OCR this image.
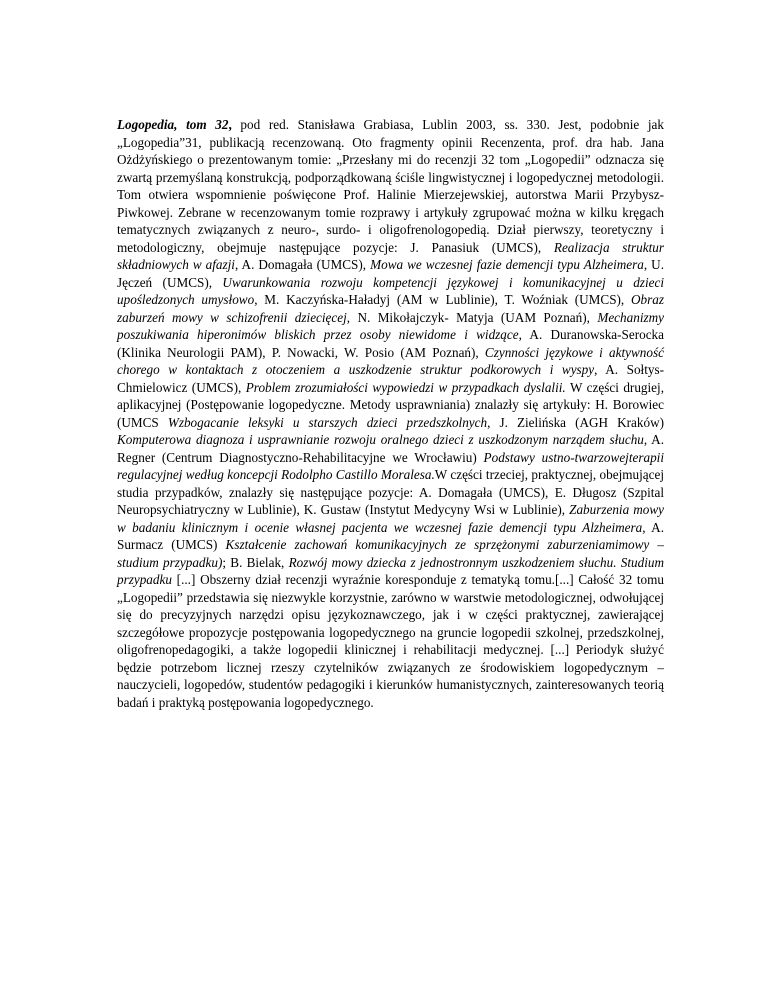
Logopedia, tom 32, pod red. Stanisława Grabiasa, Lublin 2003, ss. 330. Jest, podobnie jak „Logopedia”31, publikacją recenzowaną. Oto fragmenty opinii Recenzenta, prof. dra hab. Jana Ożdżyńskiego o prezentowanym tomie: „Przesłany mi do recenzji 32 tom „Logopedii” odznacza się zwartą przemyślaną konstrukcją, podporządkowaną ściśle lingwistycznej i logopedycznej metodologii. Tom otwiera wspomnienie poświęcone Prof. Halinie Mierzejewskiej, autorstwa Marii Przybysz-Piwkowej. Zebrane w recenzowanym tomie rozprawy i artykuły zgrupować można w kilku kręgach tematycznych związanych z neuro-, surdo- i oligofrenologopedią. Dział pierwszy, teoretyczny i metodologiczny, obejmuje następujące pozycje: J. Panasiuk (UMCS), Realizacja struktur składniowych w afazji, A. Domagała (UMCS), Mowa we wczesnej fazie demencji typu Alzheimera, U. Jęczeń (UMCS), Uwarunkowania rozwoju kompetencji językowej i komunikacyjnej u dzieci upośledzonych umysłowo, M. Kaczyńska-Haładyj (AM w Lublinie), T. Woźniak (UMCS), Obraz zaburzeń mowy w schizofrenii dziecięcej, N. Mikołajczyk- Matyja (UAM Poznań), Mechanizmy poszukiwania hiperonimów bliskich przez osoby niewidome i widzące, A. Duranowska-Serocka (Klinika Neurologii PAM), P. Nowacki, W. Posio (AM Poznań), Czynności językowe i aktywność chorego w kontaktach z otoczeniem a uszkodzenie struktur podkorowych i wyspy, A. Sołtys-Chmielowicz (UMCS), Problem zrozumiałości wypowiedzi w przypadkach dyslalii. W części drugiej, aplikacyjnej (Postępowanie logopedyczne. Metody usprawniania) znalazły się artykuły: H. Borowiec (UMCS Wzbogacanie leksyki u starszych dzieci przedszkolnych, J. Zielińska (AGH Kraków) Komputerowa diagnoza i usprawnianie rozwoju oralnego dzieci z uszkodzonym narządem słuchu, A. Regner (Centrum Diagnostyczno-Rehabilitacyjne we Wrocławiu) Podstawy ustno-twarzowejterapii regulacyjnej według koncepcji Rodolpho Castillo Moralesa.W części trzeciej, praktycznej, obejmującej studia przypadków, znalazły się następujące pozycje: A. Domagała (UMCS), E. Długosz (Szpital Neuropsychiatryczny w Lublinie), K. Gustaw (Instytut Medycyny Wsi w Lublinie), Zaburzenia mowy w badaniu klinicznym i ocenie własnej pacjenta we wczesnej fazie demencji typu Alzheimera, A. Surmacz (UMCS) Kształcenie zachowań komunikacyjnych ze sprzężonymi zaburzeniamimowy – studium przypadku); B. Bielak, Rozwój mowy dziecka z jednostronnym uszkodzeniem słuchu. Studium przypadku [...] Obszerny dział recenzji wyraźnie koresponduje z tematyką tomu.[...] Całość 32 tomu „Logopedii” przedstawia się niezwykle korzystnie, zarówno w warstwie metodologicznej, odwołującej się do precyzyjnych narzędzi opisu językoznawczego, jak i w części praktycznej, zawierającej szczegółowe propozycje postępowania logopedycznego na gruncie logopedii szkolnej, przedszkolnej, oligofrenopedagogiki, a także logopedii klinicznej i rehabilitacji medycznej. [...] Periodyk służyć będzie potrzebom licznej rzeszy czytelników związanych ze środowiskiem logopedycznym – nauczycieli, logopedów, studentów pedagogiki i kierunków humanistycznych, zainteresowanych teorią badań i praktyką postępowania logopedycznego.
